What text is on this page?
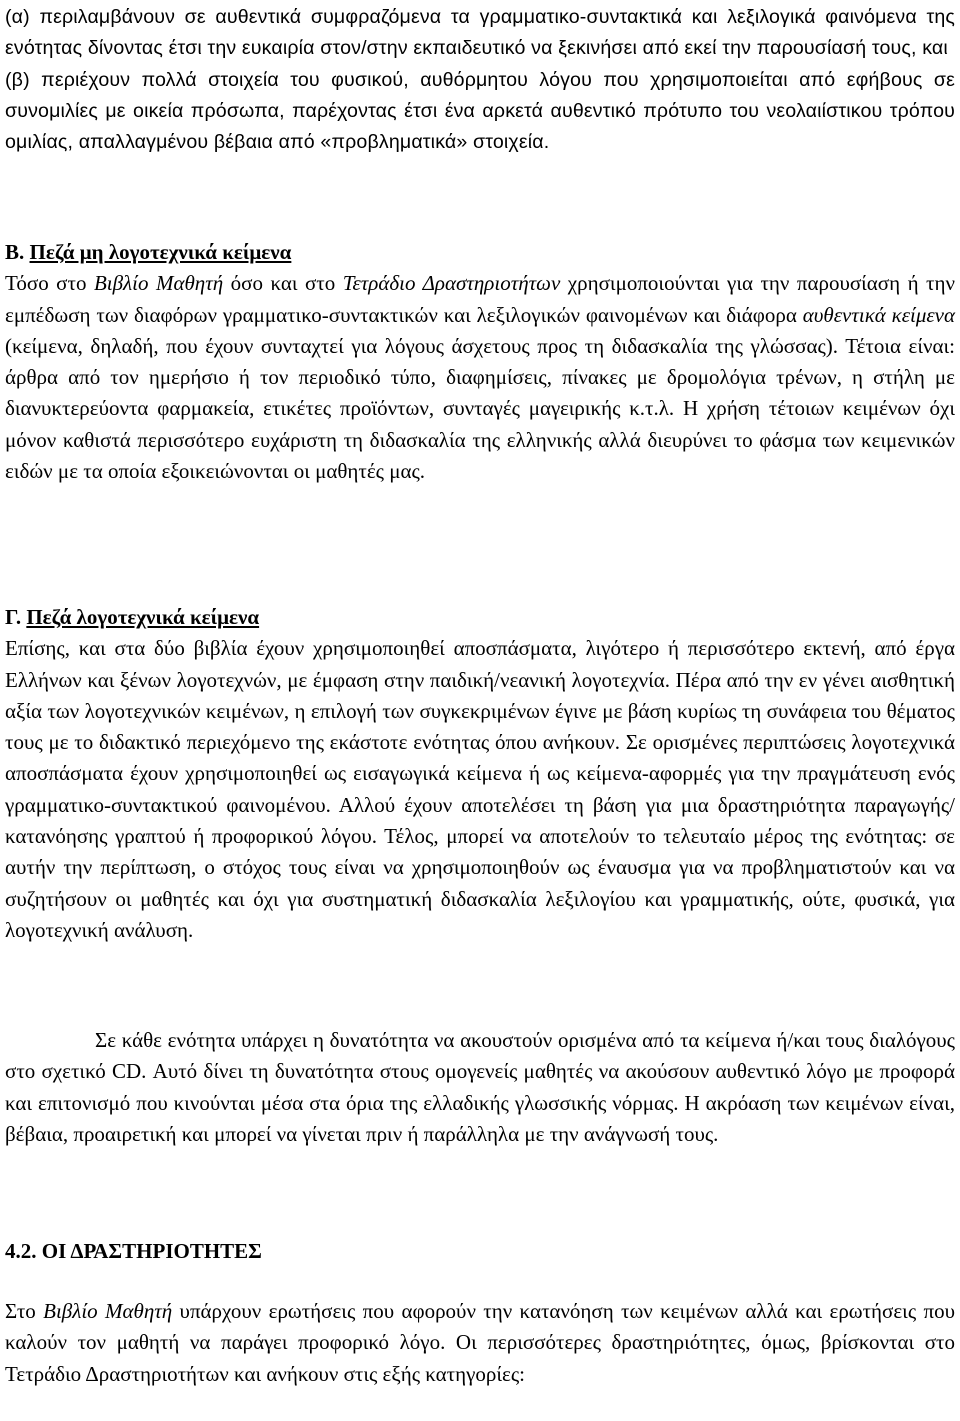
(α) περιλαμβάνουν σε αυθεντικά συμφραζόμενα τα γραμματικο-συντακτικά και λεξιλογικά φαινόμενα της ενότητας δίνοντας έτσι την ευκαιρία στον/στην εκπαιδευτικό να ξεκινήσει από εκεί την παρουσίασή τους, και

(β) περιέχουν πολλά στοιχεία του φυσικού, αυθόρμητου λόγου που χρησιμοποιείται από εφήβους σε συνομιλίες με οικεία πρόσωπα, παρέχοντας έτσι ένα αρκετά αυθεντικό πρότυπο του νεολαιίστικου τρόπου ομιλίας, απαλλαγμένου βέβαια από «προβληματικά» στοιχεία.

Β. Πεζά μη λογοτεχνικά κείμενα

Τόσο στο Βιβλίο Μαθητή όσο και στο Τετράδιο Δραστηριοτήτων χρησιμοποιούνται για την παρουσίαση ή την εμπέδωση των διαφόρων γραμματικο-συντακτικών και λεξιλογικών φαινομένων και διάφορα αυθεντικά κείμενα (κείμενα, δηλαδή, που έχουν συνταχτεί για λόγους άσχετους προς τη διδασκαλία της γλώσσας). Τέτοια είναι: άρθρα από τον ημερήσιο ή τον περιοδικό τύπο, διαφημίσεις, πίνακες με δρομολόγια τρένων, η στήλη με διανυκτερεύοντα φαρμακεία, ετικέτες προϊόντων, συνταγές μαγειρικής κ.τ.λ. Η χρήση τέτοιων κειμένων όχι μόνον καθιστά περισσότερο ευχάριστη τη διδασκαλία της ελληνικής αλλά διευρύνει το φάσμα των κειμενικών ειδών με τα οποία εξοικειώνονται οι μαθητές μας.

Γ. Πεζά λογοτεχνικά κείμενα

Επίσης, και στα δύο βιβλία έχουν χρησιμοποιηθεί αποσπάσματα, λιγότερο ή περισσότερο εκτενή, από έργα Ελλήνων και ξένων λογοτεχνών, με έμφαση στην παιδική/νεανική λογοτεχνία. Πέρα από την εν γένει αισθητική αξία των λογοτεχνικών κειμένων, η επιλογή των συγκεκριμένων έγινε με βάση κυρίως τη συνάφεια του θέματος τους με το διδακτικό περιεχόμενο της εκάστοτε ενότητας όπου ανήκουν. Σε ορισμένες περιπτώσεις λογοτεχνικά αποσπάσματα έχουν χρησιμοποιηθεί ως εισαγωγικά κείμενα ή ως κείμενα-αφορμές για την πραγμάτευση ενός γραμματικο-συντακτικού φαινομένου. Αλλού έχουν αποτελέσει τη βάση για μια δραστηριότητα παραγωγής/κατανόησης γραπτού ή προφορικού λόγου. Τέλος, μπορεί να αποτελούν το τελευταίο μέρος της ενότητας: σε αυτήν την περίπτωση, ο στόχος τους είναι να χρησιμοποιηθούν ως έναυσμα για να προβληματιστούν και να συζητήσουν οι μαθητές και όχι για συστηματική διδασκαλία λεξιλογίου και γραμματικής, ούτε, φυσικά, για λογοτεχνική ανάλυση.

Σε κάθε ενότητα υπάρχει η δυνατότητα να ακουστούν ορισμένα από τα κείμενα ή/και τους διαλόγους στο σχετικό CD. Αυτό δίνει τη δυνατότητα στους ομογενείς μαθητές να ακούσουν αυθεντικό λόγο με προφορά και επιτονισμό που κινούνται μέσα στα όρια της ελλαδικής γλωσσικής νόρμας. Η ακρόαση των κειμένων είναι, βέβαια, προαιρετική και μπορεί να γίνεται πριν ή παράλληλα με την ανάγνωσή τους.

4.2. ΟΙ ΔΡΑΣΤΗΡΙΟΤΗΤΕΣ

Στο Βιβλίο Μαθητή υπάρχουν ερωτήσεις που αφορούν την κατανόηση των κειμένων αλλά και ερωτήσεις που καλούν τον μαθητή να παράγει προφορικό λόγο. Οι περισσότερες δραστηριότητες, όμως, βρίσκονται στο Τετράδιο Δραστηριοτήτων και ανήκουν στις εξής κατηγορίες:
